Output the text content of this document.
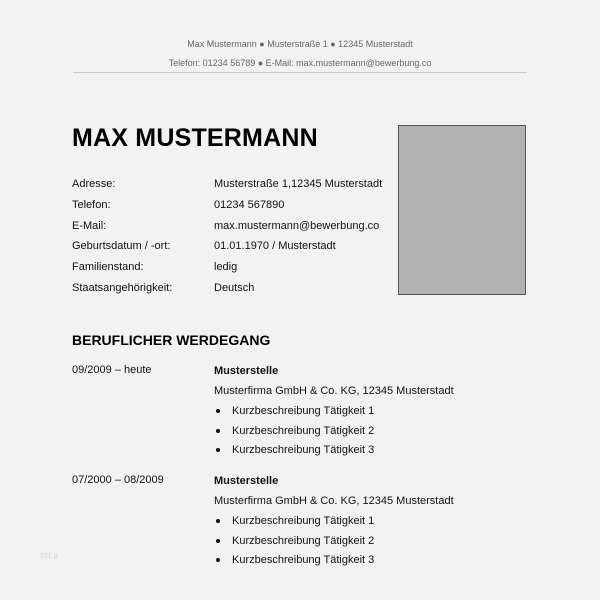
Max Mustermann ● Musterstraße 1 ● 12345 Musterstadt
Telefon: 01234 56789 ● E-Mail: max.mustermann@bewerbung.co
MAX MUSTERMANN
Adresse:	Musterstraße 1,12345 Musterstadt
Telefon:	01234 567890
E-Mail:	max.mustermann@bewerbung.co
Geburtsdatum / -ort:	01.01.1970 / Musterstadt
Familienstand:	ledig
Staatsangehörigkeit:	Deutsch
BERUFLICHER WERDEGANG
09/2009 – heute	Musterstelle
Musterfirma GmbH & Co. KG, 12345 Musterstadt
Kurzbeschreibung Tätigkeit 1
Kurzbeschreibung Tätigkeit 2
Kurzbeschreibung Tätigkeit 3
07/2000 – 08/2009	Musterstelle
Musterfirma GmbH & Co. KG, 12345 Musterstadt
Kurzbeschreibung Tätigkeit 1
Kurzbeschreibung Tätigkeit 2
Kurzbeschreibung Tätigkeit 3
101.p
